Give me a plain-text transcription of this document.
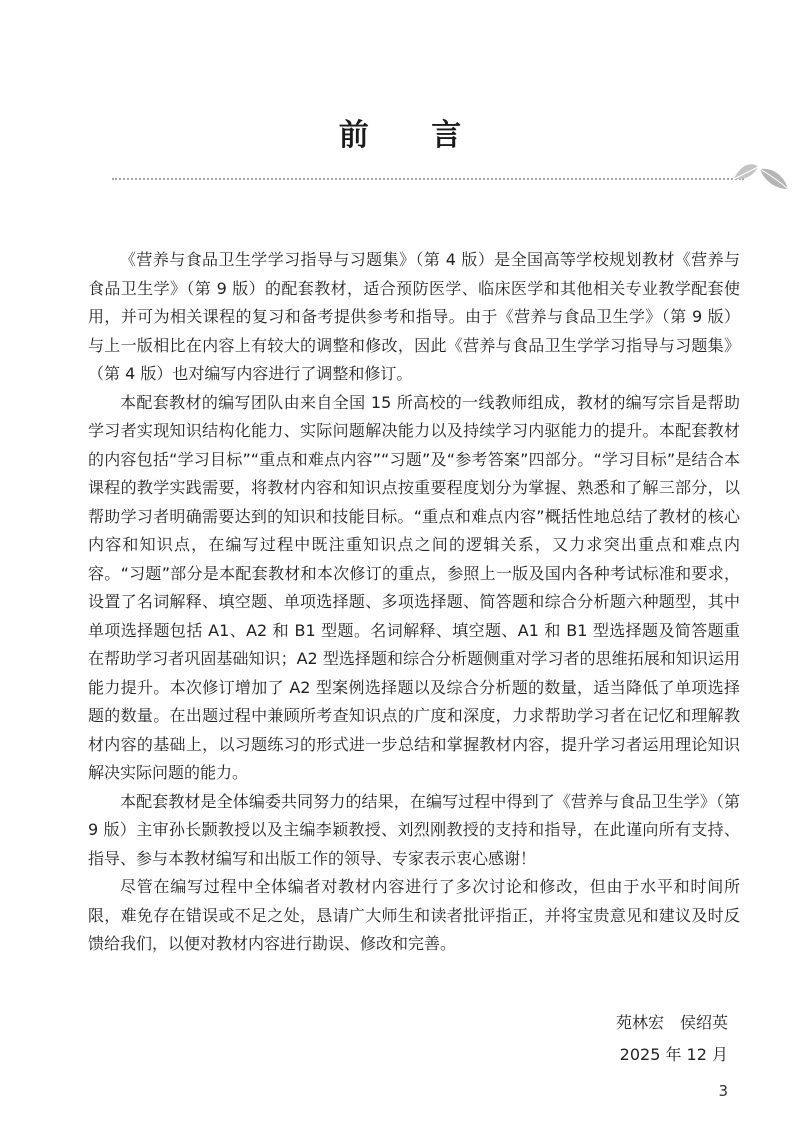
前 言

《营养与食品卫生学学习指导与习题集》（第 4 版）是全国高等学校规划教材《营养与食品卫生学》（第 9 版）的配套教材，适合预防医学、临床医学和其他相关专业教学配套使用，并可为相关课程的复习和备考提供参考和指导。由于《营养与食品卫生学》（第 9 版）与上一版相比在内容上有较大的调整和修改，因此《营养与食品卫生学学习指导与习题集》（第 4 版）也对编写内容进行了调整和修订。

本配套教材的编写团队由来自全国 15 所高校的一线教师组成，教材的编写宗旨是帮助学习者实现知识结构化能力、实际问题解决能力以及持续学习内驱能力的提升。本配套教材的内容包括“学习目标”“重点和难点内容”“习题”及“参考答案”四部分。“学习目标”是结合本课程的教学实践需要，将教材内容和知识点按重要程度划分为掌握、熟悉和了解三部分，以帮助学习者明确需要达到的知识和技能目标。“重点和难点内容”概括性地总结了教材的核心内容和知识点，在编写过程中既注重知识点之间的逻辑关系，又力求突出重点和难点内容。“习题”部分是本配套教材和本次修订的重点，参照上一版及国内各种考试标准和要求，设置了名词解释、填空题、单项选择题、多项选择题、简答题和综合分析题六种题型，其中单项选择题包括 A1、A2 和 B1 型题。名词解释、填空题、A1 和 B1 型选择题及简答题重在帮助学习者巩固基础知识；A2 型选择题和综合分析题侧重对学习者的思维拓展和知识运用能力提升。本次修订增加了 A2 型案例选择题以及综合分析题的数量，适当降低了单项选择题的数量。在出题过程中兼顾所考查知识点的广度和深度，力求帮助学习者在记忆和理解教材内容的基础上，以习题练习的形式进一步总结和掌握教材内容，提升学习者运用理论知识解决实际问题的能力。

本配套教材是全体编委共同努力的结果，在编写过程中得到了《营养与食品卫生学》（第 9 版）主审孙长颢教授以及主编李颖教授、刘烈刚教授的支持和指导，在此谨向所有支持、指导、参与本教材编写和出版工作的领导、专家表示衷心感谢！

尽管在编写过程中全体编者对教材内容进行了多次讨论和修改，但由于水平和时间所限，难免存在错误或不足之处，恳请广大师生和读者批评指正，并将宝贵意见和建议及时反馈给我们，以便对教材内容进行勘误、修改和完善。

苑林宏　侯绍英
2025 年 12 月
3
